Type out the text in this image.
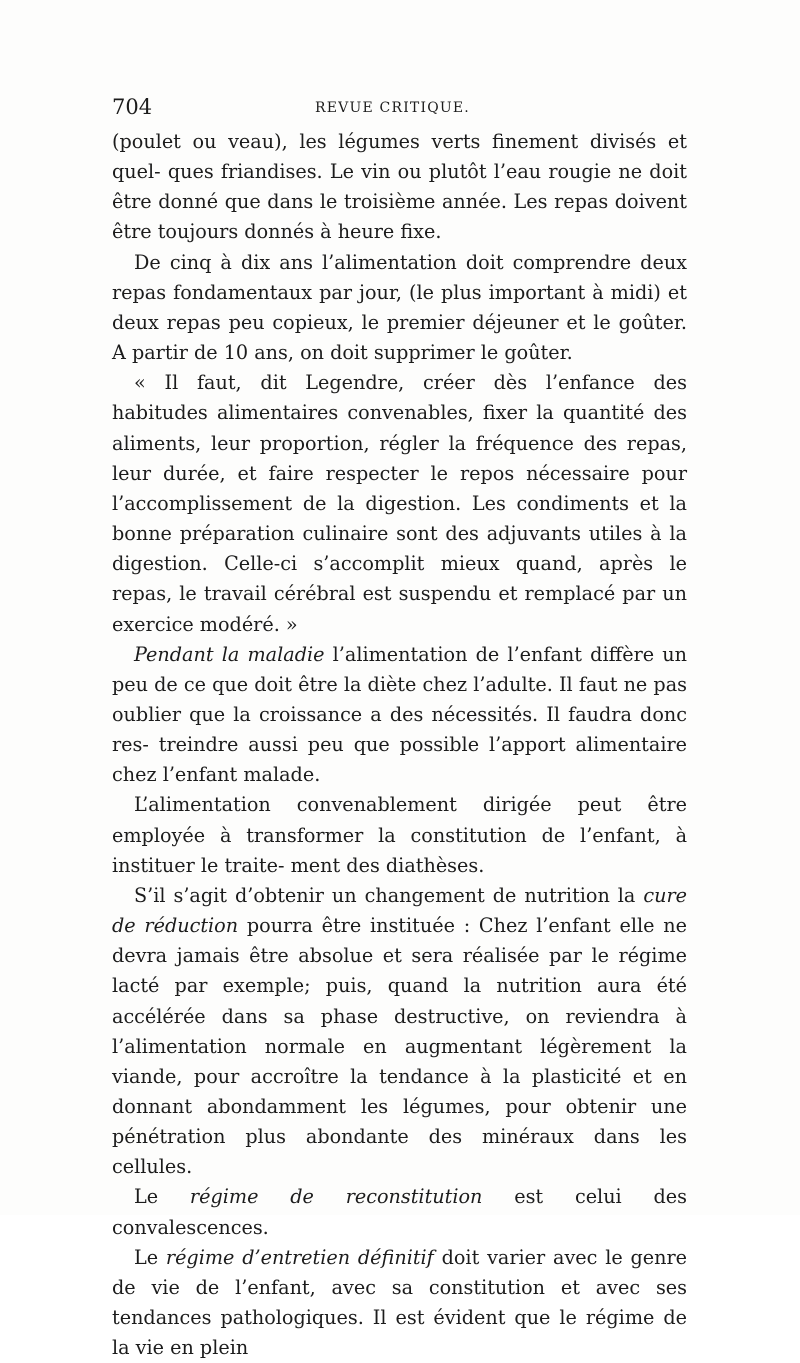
704	REVUE CRITIQUE.

(poulet ou veau), les légumes verts finement divisés et quel- ques friandises. Le vin ou plutôt l’eau rougie ne doit être donné que dans le troisième année. Les repas doivent être toujours donnés à heure fixe.

De cinq à dix ans l’alimentation doit comprendre deux repas fondamentaux par jour, (le plus important à midi) et deux repas peu copieux, le premier déjeuner et le goûter. A partir de 10 ans, on doit supprimer le goûter.

« Il faut, dit Legendre, créer dès l’enfance des habitudes alimentaires convenables, fixer la quantité des aliments, leur proportion, régler la fréquence des repas, leur durée, et faire respecter le repos nécessaire pour l’accomplissement de la digestion. Les condiments et la bonne préparation culinaire sont des adjuvants utiles à la digestion. Celle-ci s’accomplit mieux quand, après le repas, le travail cérébral est suspendu et remplacé par un exercice modéré. »

Pendant la maladie l’alimentation de l’enfant diffère un peu de ce que doit être la diète chez l’adulte. Il faut ne pas oublier que la croissance a des nécessités. Il faudra donc res- treindre aussi peu que possible l’apport alimentaire chez l’enfant malade.

L’alimentation convenablement dirigée peut être employée à transformer la constitution de l’enfant, à instituer le traite- ment des diathèses.

S’il s’agit d’obtenir un changement de nutrition la cure de réduction pourra être instituée : Chez l’enfant elle ne devra jamais être absolue et sera réalisée par le régime lacté par exemple; puis, quand la nutrition aura été accélérée dans sa phase destructive, on reviendra à l’alimentation normale en augmentant légèrement la viande, pour accroître la tendance à la plasticité et en donnant abondamment les légumes, pour obtenir une pénétration plus abondante des minéraux dans les cellules.

Le régime de reconstitution est celui des convalescences.

Le régime d’entretien définitif doit varier avec le genre de vie de l’enfant, avec sa constitution et avec ses tendances pathologiques. Il est évident que le régime de la vie en plein
